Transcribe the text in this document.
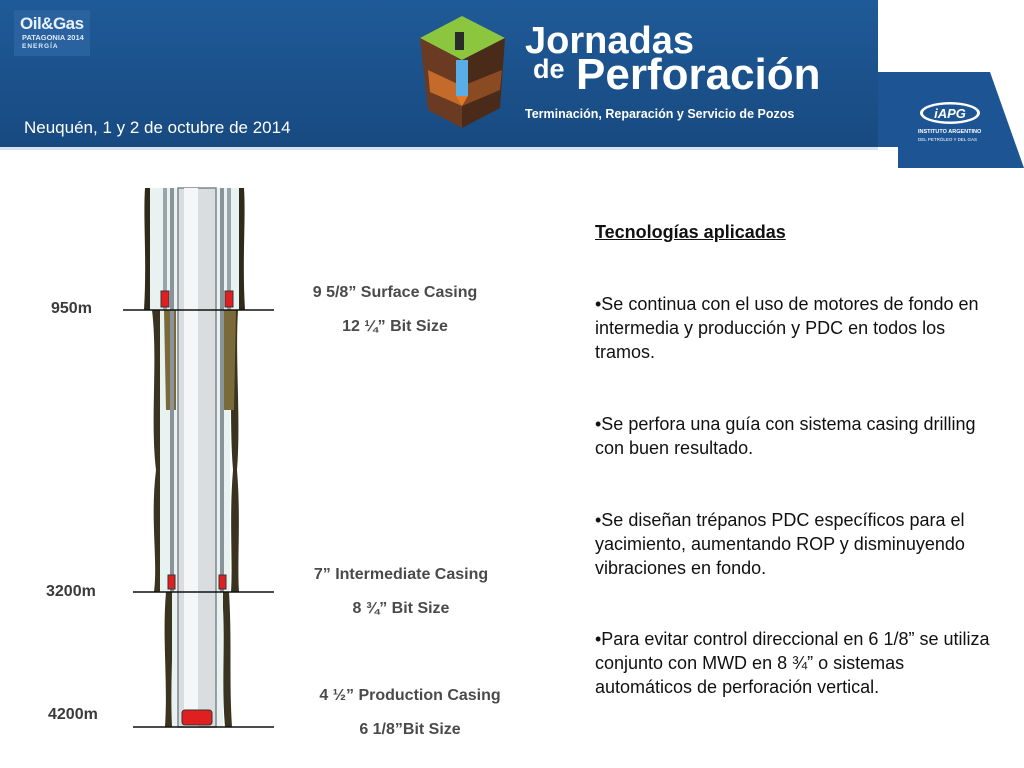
iAPG
Oil&Gas
PATAGONIA 2014
ENERGÍA	Jornadas
de Perforación
Terminación, Reparación y Servicio de Pozos
Neuquén, 1 y 2 de octubre de 2014	INSTITUTO ARGENTINO
DEL PETRÓLEO Y DEL GAS
950m
3200m
4200m
9 5/8” Surface Casing
12 ¼” Bit Size
7” Intermediate Casing
8 ¾” Bit Size
4 ½” Production Casing
6 1/8”Bit Size

Tecnologías aplicadas

•Se continua con el uso de motores de fondo en intermedia y producción y PDC en todos los tramos.

•Se perfora una guía con sistema casing drilling con buen resultado.

•Se diseñan trépanos PDC específicos para el yacimiento, aumentando ROP y disminuyendo vibraciones en fondo.

•Para evitar control direccional en 6 1/8” se utiliza conjunto con MWD en 8 ¾” o sistemas automáticos de perforación vertical.
